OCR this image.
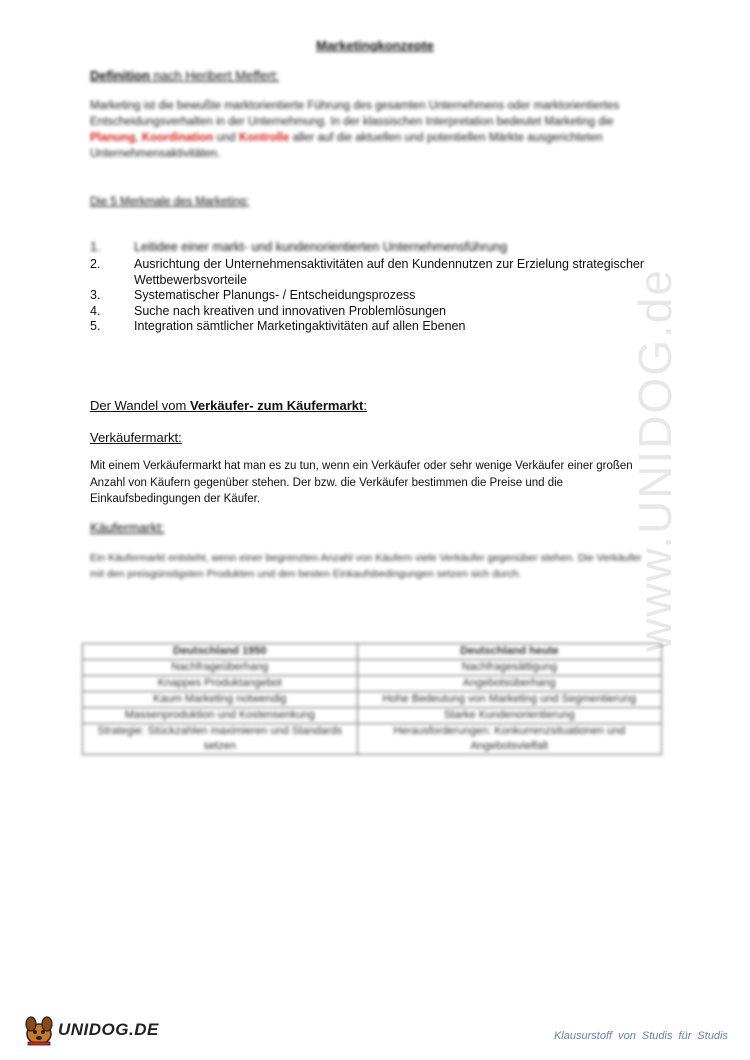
www.UNIDOG.de
Marketingkonzepte
Definition nach Heribert Meffert:
Marketing ist die bewußte marktorientierte Führung des gesamten Unternehmens oder marktorientiertes Entscheidungsverhalten in der Unternehmung. In der klassischen Interpretation bedeutet Marketing die Planung, Koordination und Kontrolle aller auf die aktuellen und potentiellen Märkte ausgerichteten Unternehmensaktivitäten.
Die 5 Merkmale des Marketing:
1.	Leitidee einer markt- und kundenorientierten Unternehmensführung
2.	Ausrichtung der Unternehmensaktivitäten auf den Kundennutzen zur Erzielung strategischer Wettbewerbsvorteile
3.	Systematischer Planungs- / Entscheidungsprozess
4.	Suche nach kreativen und innovativen Problemlösungen
5.	Integration sämtlicher Marketingaktivitäten auf allen Ebenen
Der Wandel vom Verkäufer- zum Käufermarkt:
Verkäufermarkt:
Mit einem Verkäufermarkt hat man es zu tun, wenn ein Verkäufer oder sehr wenige Verkäufer einer großen Anzahl von Käufern gegenüber stehen. Der bzw. die Verkäufer bestimmen die Preise und die Einkaufsbedingungen der Käufer.
Käufermarkt:
Ein Käufermarkt entsteht, wenn einer begrenzten Anzahl von Käufern viele Verkäufer gegenüber stehen. Die Verkäufer mit den preisgünstigsten Produkten und den besten Einkaufsbedingungen setzen sich durch.
Deutschland 1950	Deutschland heute
Nachfrageüberhang	Nachfragesättigung
Knappes Produktangebot	Angebotsüberhang
Kaum Marketing notwendig	Hohe Bedeutung von Marketing und Segmentierung
Massenproduktion und Kostensenkung	Starke Kundenorientierung
Strategie: Stückzahlen maximieren und Standards setzen	Herausforderungen: Konkurrenzsituationen und Angebotsvielfalt
UNIDOG.DE	Klausurstoff von Studis für Studis
